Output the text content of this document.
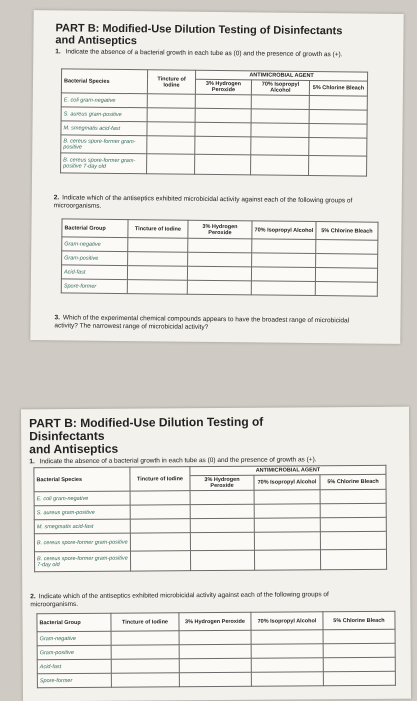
PART B: Modified-Use Dilution Testing of Disinfectants

and Antiseptics

1. Indicate the absence of a bacterial growth in each tube as (0) and the presence of growth as (+).

Bacterial Species	Tincture of Iodine	ANTIMICROBIAL AGENT		
		3% Hydrogen Peroxide	70% Isopropyl Alcohol	5% Chlorine Bleach
E. coli gram-negative				
S. aureus gram-positive				
M. smegmatis acid-fast				
B. cereus spore-former gram-positive				
B. cereus spore-former gram-positive 7-day old				

2. Indicate which of the antiseptics exhibited microbicidal activity against each of the following groups of microorganisms.

Bacterial Group	Tincture of Iodine	3% Hydrogen Peroxide	70% Isopropyl Alcohol	5% Chlorine Bleach
Gram-negative				
Gram-positive				
Acid-fast				
Spore-former				

3. Which of the experimental chemical compounds appears to have the broadest range of microbicidal activity? The narrowest range of microbicidal activity?

PART B: Modified-Use Dilution Testing of Disinfectants

and Antiseptics

1. Indicate the absence of a bacterial growth in each tube as (0) and the presence of growth as (+).

Bacterial Species	Tincture of Iodine	ANTIMICROBIAL AGENT		
		3% Hydrogen Peroxide	70% Isopropyl Alcohol	5% Chlorine Bleach
E. coli gram-negative				
S. aureus gram-positive				
M. smegmatis acid-fast				
B. cereus spore-former gram-positive				
B. cereus spore-former gram-positive 7-day old				

2. Indicate which of the antiseptics exhibited microbicidal activity against each of the following groups of microorganisms.

Bacterial Group	Tincture of Iodine	3% Hydrogen Peroxide	70% Isopropyl Alcohol	5% Chlorine Bleach
Gram-negative				
Gram-positive				
Acid-fast				
Spore-former				
